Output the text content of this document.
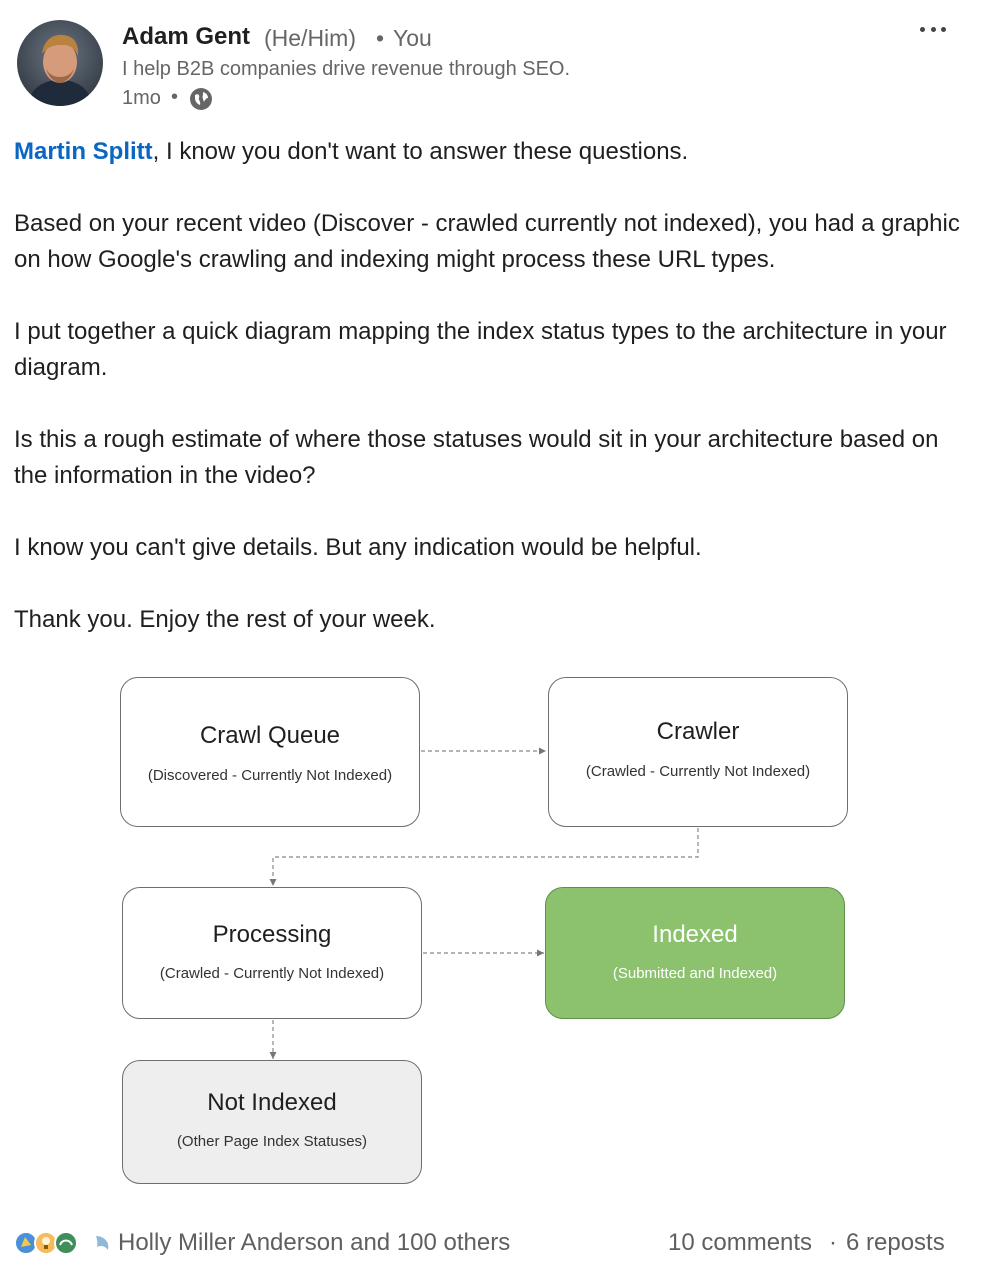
Adam Gent (He/Him) • You
I help B2B companies drive revenue through SEO.
1mo •

Martin Splitt, I know you don't want to answer these questions.

Based on your recent video (Discover - crawled currently not indexed), you had a graphic on how Google's crawling and indexing might process these URL types.

I put together a quick diagram mapping the index status types to the architecture in your diagram.

Is this a rough estimate of where those statuses would sit in your architecture based on the information in the video?

I know you can't give details. But any indication would be helpful.

Thank you. Enjoy the rest of your week.

Crawl Queue
(Discovered - Currently Not Indexed)
Crawler
(Crawled - Currently Not Indexed)
Processing
(Crawled - Currently Not Indexed)
Indexed
(Submitted and Indexed)
Not Indexed
(Other Page Index Statuses)
Holly Miller Anderson and 100 others	10 comments · 6 reposts
